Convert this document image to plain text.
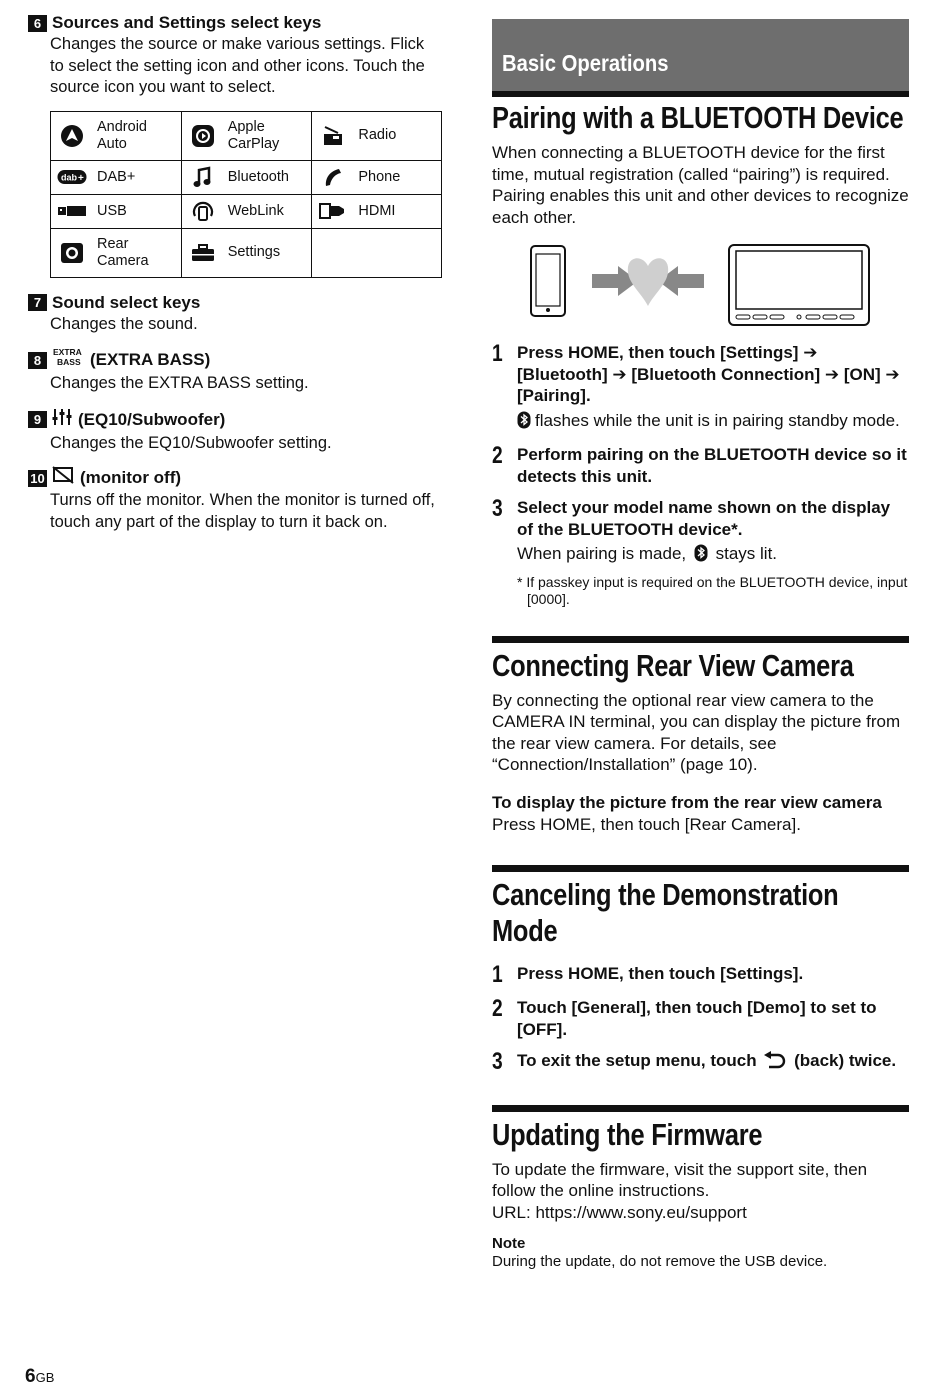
6 Sources and Settings select keys
Changes the source or make various settings. Flick to select the setting icon and other icons. Touch the source icon you want to select.
Android Auto	Apple CarPlay	Radio

dab + DAB+	Bluetooth	Phone

USB	WebLink	HDMI

Rear Camera	Settings	

7 Sound select keys
Changes the sound.
8
EXTRA
BASS (EXTRA BASS)
Changes the EXTRA BASS setting.
9	(EQ10/Subwoofer)
Changes the EQ10/Subwoofer setting.
10 (monitor off)
Turns off the monitor. When the monitor is turned off, touch any part of the display to turn it back on.
Basic Operations
Pairing with a BLUETOOTH Device
When connecting a BLUETOOTH device for the first time, mutual registration (called “pairing”) is required. Pairing enables this unit and other devices to recognize each other.
1 Press HOME, then touch [Settings] ➔ [Bluetooth] ➔ [Bluetooth Connection] ➔ [ON] ➔ [Pairing].
flashes while the unit is in pairing standby mode.
2 Perform pairing on the BLUETOOTH device so it detects this unit.
3 Select your model name shown on the display of the BLUETOOTH device*.
When pairing is made, stays lit.
* If passkey input is required on the BLUETOOTH device, input [0000].
Connecting Rear View Camera
By connecting the optional rear view camera to the CAMERA IN terminal, you can display the picture from the rear view camera. For details, see “Connection/Installation” (page 10).
To display the picture from the rear view camera
Press HOME, then touch [Rear Camera].
Canceling the Demonstration
Mode
1 Press HOME, then touch [Settings].
2 Touch [General], then touch [Demo] to set to [OFF].
3 To exit the setup menu, touch (back) twice.
Updating the Firmware
To update the firmware, visit the support site, then follow the online instructions.
URL: https://www.sony.eu/support
Note
During the update, do not remove the USB device.
6GB
